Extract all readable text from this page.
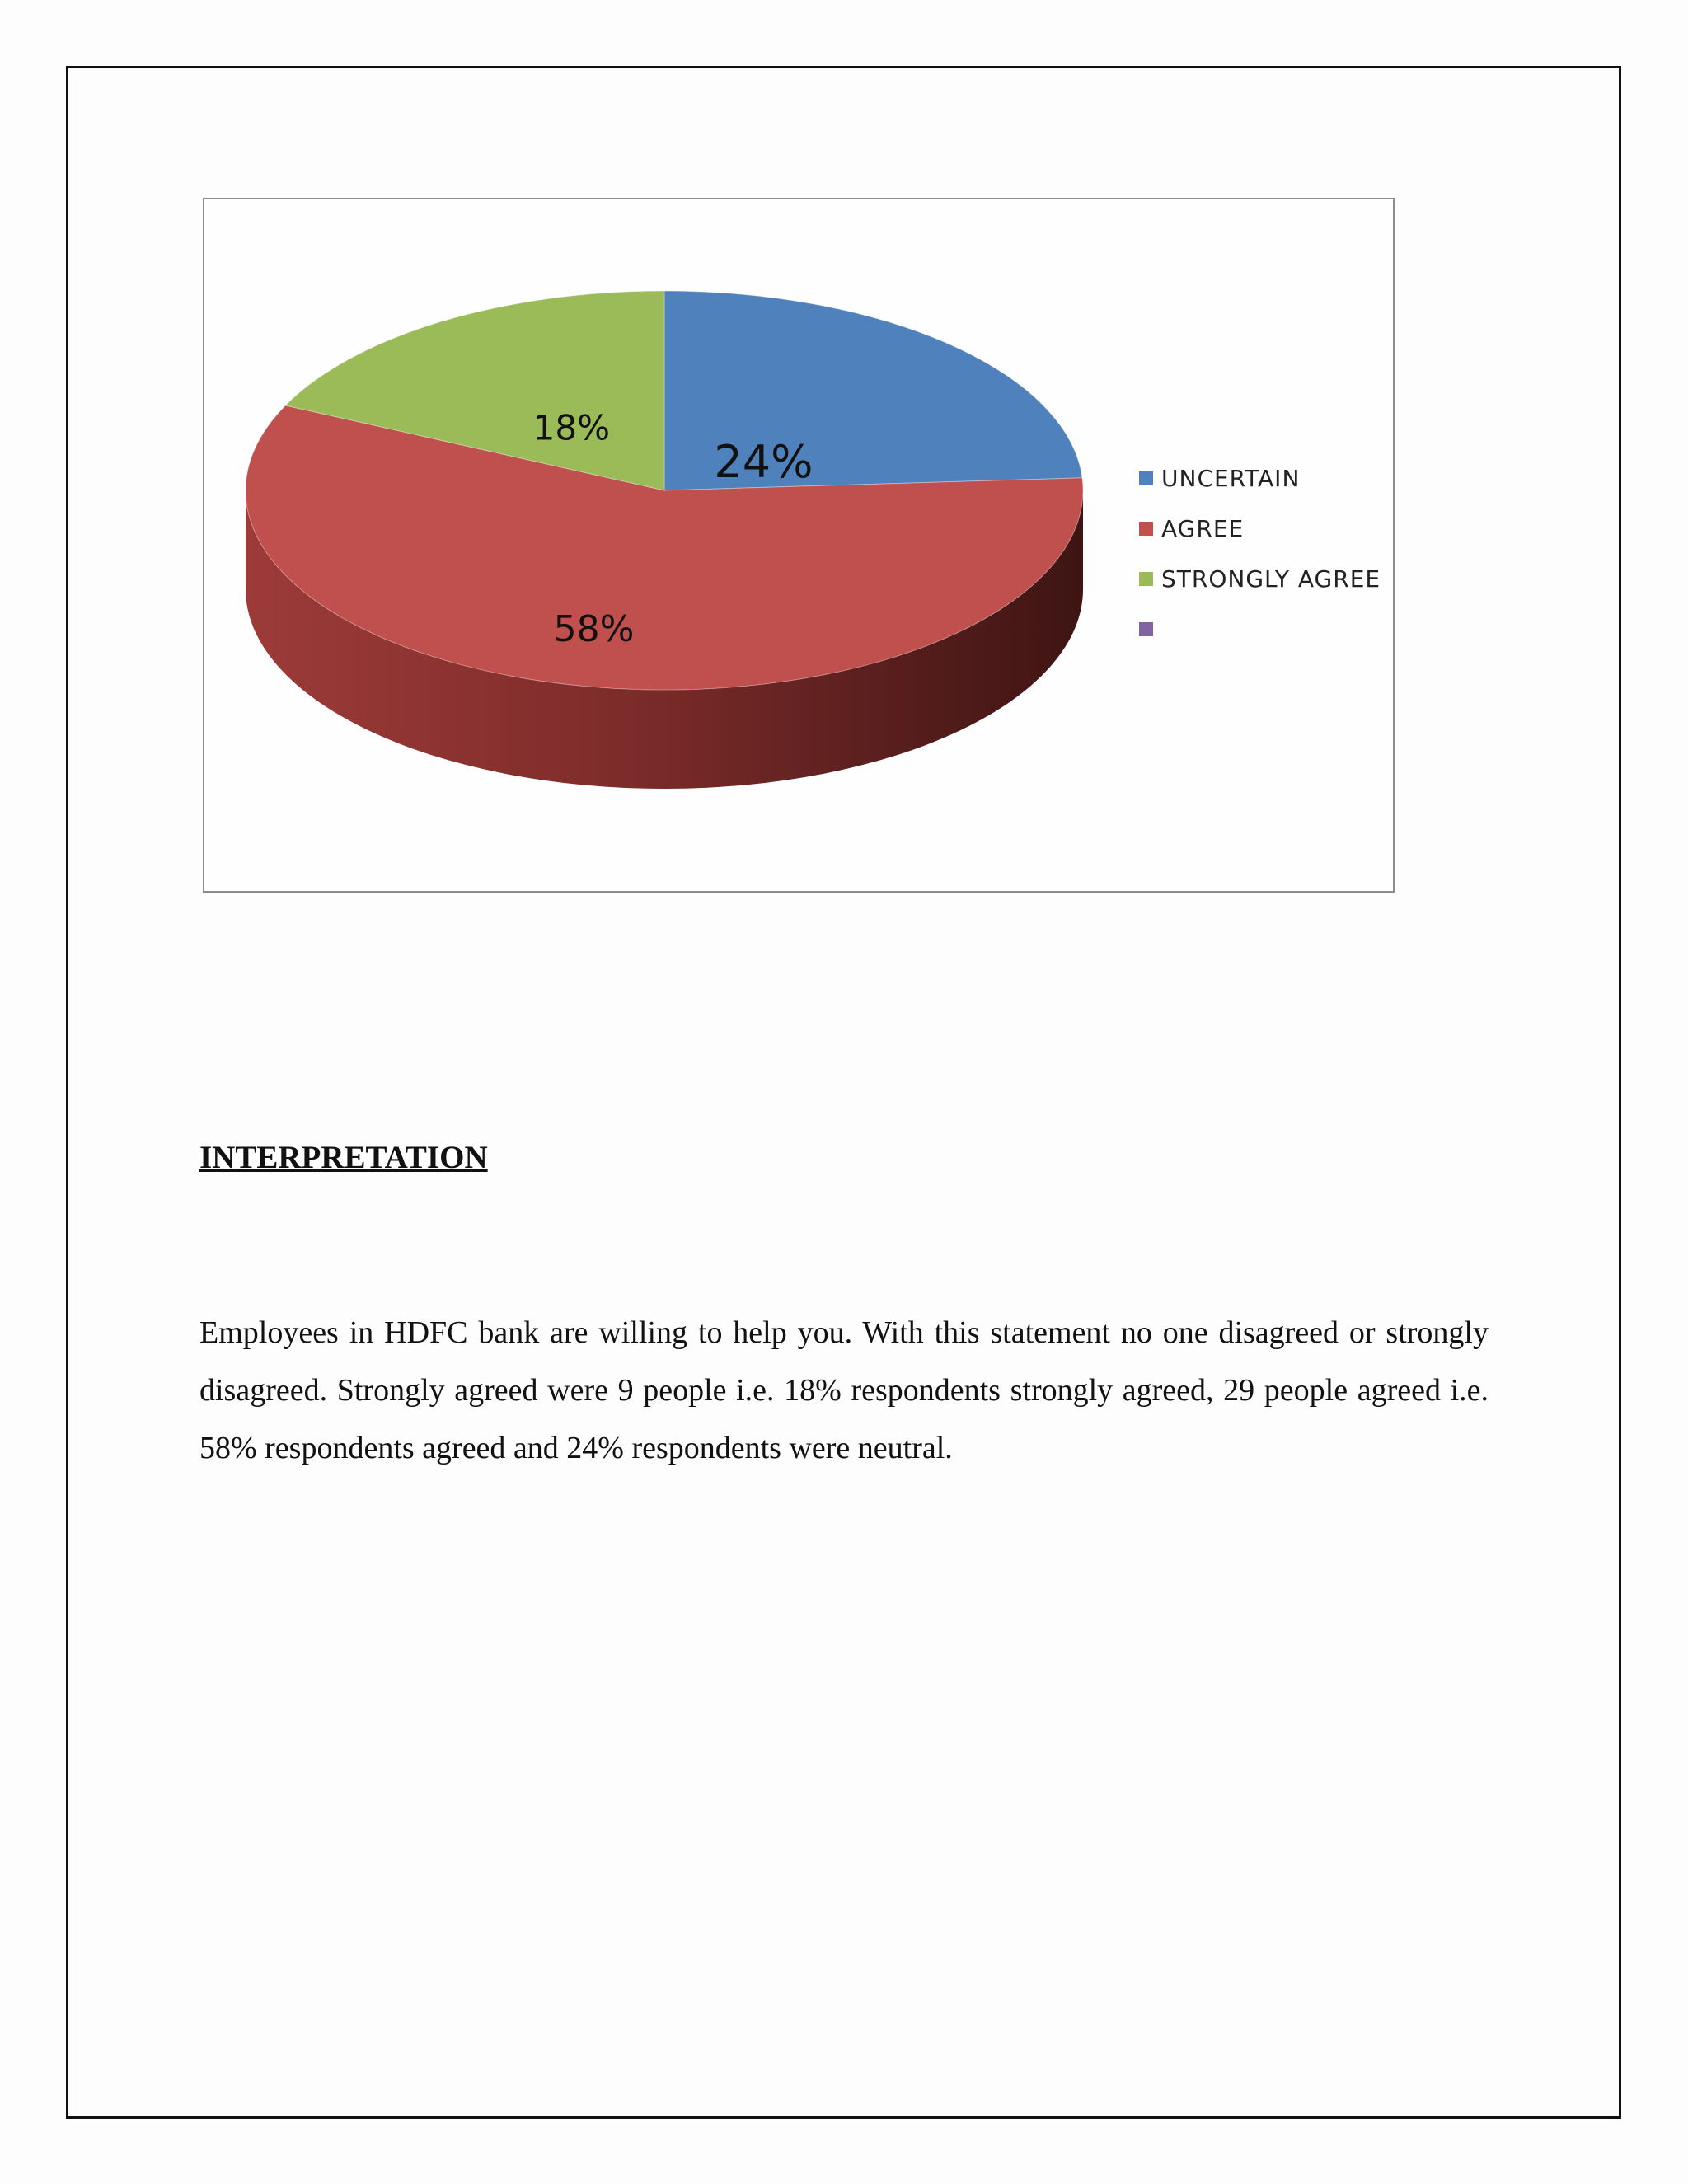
24%
58%
18%
UNCERTAIN
AGREE
STRONGLY AGREE
INTERPRETATION
Employees in HDFC bank are willing to help you. With this statement no one disagreed or strongly disagreed. Strongly agreed were 9 people i.e. 18% respondents strongly agreed, 29 people agreed i.e. 58% respondents agreed and 24% respondents were neutral.
